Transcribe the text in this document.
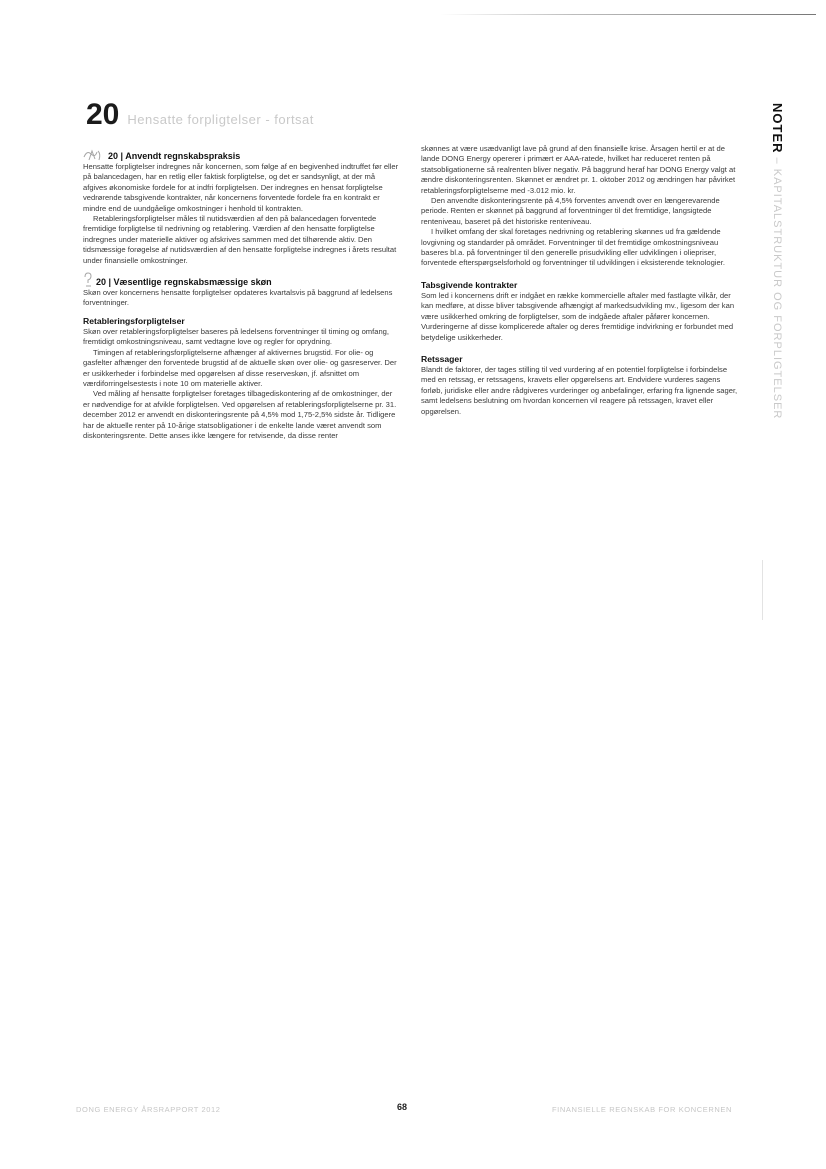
20 Hensatte forpligtelser - fortsat

20 | Anvendt regnskabspraksis

Hensatte forpligtelser indregnes når koncernen, som følge af en begivenhed indtruffet før eller på balancedagen, har en retlig eller faktisk forpligtelse, og det er sandsynligt, at der må afgives økonomiske fordele for at indfri forpligtelsen. Der indregnes en hensat forpligtelse vedrørende tabsgivende kontrakter, når koncernens forventede fordele fra en kontrakt er mindre end de uundgåelige omkostninger i henhold til kontrakten.

Retableringsforpligtelser måles til nutidsværdien af den på balancedagen forventede fremtidige forpligtelse til nedrivning og retablering. Værdien af den hensatte forpligtelse indregnes under materielle aktiver og afskrives sammen med det tilhørende aktiv. Den tidsmæssige forøgelse af nutidsværdien af den hensatte forpligtelse indregnes i årets resultat under finansielle omkostninger.

20 | Væsentlige regnskabsmæssige skøn

Skøn over koncernens hensatte forpligtelser opdateres kvartalsvis på baggrund af ledelsens forventninger.

Retableringsforpligtelser

Skøn over retableringsforpligtelser baseres på ledelsens forventninger til timing og omfang, fremtidigt omkostningsniveau, samt vedtagne love og regler for oprydning.

Timingen af retableringsforpligtelserne afhænger af aktivernes brugstid. For olie- og gasfelter afhænger den forventede brugstid af de aktuelle skøn over olie- og gasreserver. Der er usikkerheder i forbindelse med opgørelsen af disse reserveskøn, jf. afsnittet om værdiforringelsestests i note 10 om materielle aktiver.

Ved måling af hensatte forpligtelser foretages tilbagediskontering af de omkostninger, der er nødvendige for at afvikle forpligtelsen. Ved opgørelsen af retableringsforpligtelserne pr. 31. december 2012 er anvendt en diskonteringsrente på 4,5% mod 1,75-2,5% sidste år. Tidligere har de aktuelle renter på 10-årige statsobligationer i de enkelte lande været anvendt som diskonteringsrente. Dette anses ikke længere for retvisende, da disse renter

skønnes at være usædvanligt lave på grund af den finansielle krise. Årsagen hertil er at de lande DONG Energy opererer i primært er AAA-ratede, hvilket har reduceret renten på statsobligationerne så realrenten bliver negativ. På baggrund heraf har DONG Energy valgt at ændre diskonteringsrenten. Skønnet er ændret pr. 1. oktober 2012 og ændringen har påvirket retableringsforpligtelserne med -3.012 mio. kr.

Den anvendte diskonteringsrente på 4,5% forventes anvendt over en længerevarende periode. Renten er skønnet på baggrund af forventninger til det fremtidige, langsigtede renteniveau, baseret på det historiske renteniveau.

I hvilket omfang der skal foretages nedrivning og retablering skønnes ud fra gældende lovgivning og standarder på området. Forventninger til det fremtidige omkostningsniveau baseres bl.a. på forventninger til den generelle prisudvikling eller udviklingen i oliepriser, forventede efterspørgselsforhold og forventninger til udviklingen i eksisterende teknologier.

Tabsgivende kontrakter

Som led i koncernens drift er indgået en række kommercielle aftaler med fastlagte vilkår, der kan medføre, at disse bliver tabsgivende afhængigt af markedsudvikling mv., ligesom der kan være usikkerhed omkring de forpligtelser, som de indgåede aftaler påfører koncernen. Vurderingerne af disse komplicerede aftaler og deres fremtidige indvirkning er forbundet med betydelige usikkerheder.

Retssager

Blandt de faktorer, der tages stilling til ved vurdering af en potentiel forpligtelse i forbindelse med en retssag, er retssagens, kravets eller opgørelsens art. Endvidere vurderes sagens forløb, juridiske eller andre rådgiveres vurderinger og anbefalinger, erfaring fra lignende sager, samt ledelsens beslutning om hvordan koncernen vil reagere på retssagen, kravet eller opgørelsen.

NOTER – KAPITALSTRUKTUR OG FORPLIGTELSER
DONG ENERGY ÅRSRAPPORT 2012	68	FINANSIELLE REGNSKAB FOR KONCERNEN
